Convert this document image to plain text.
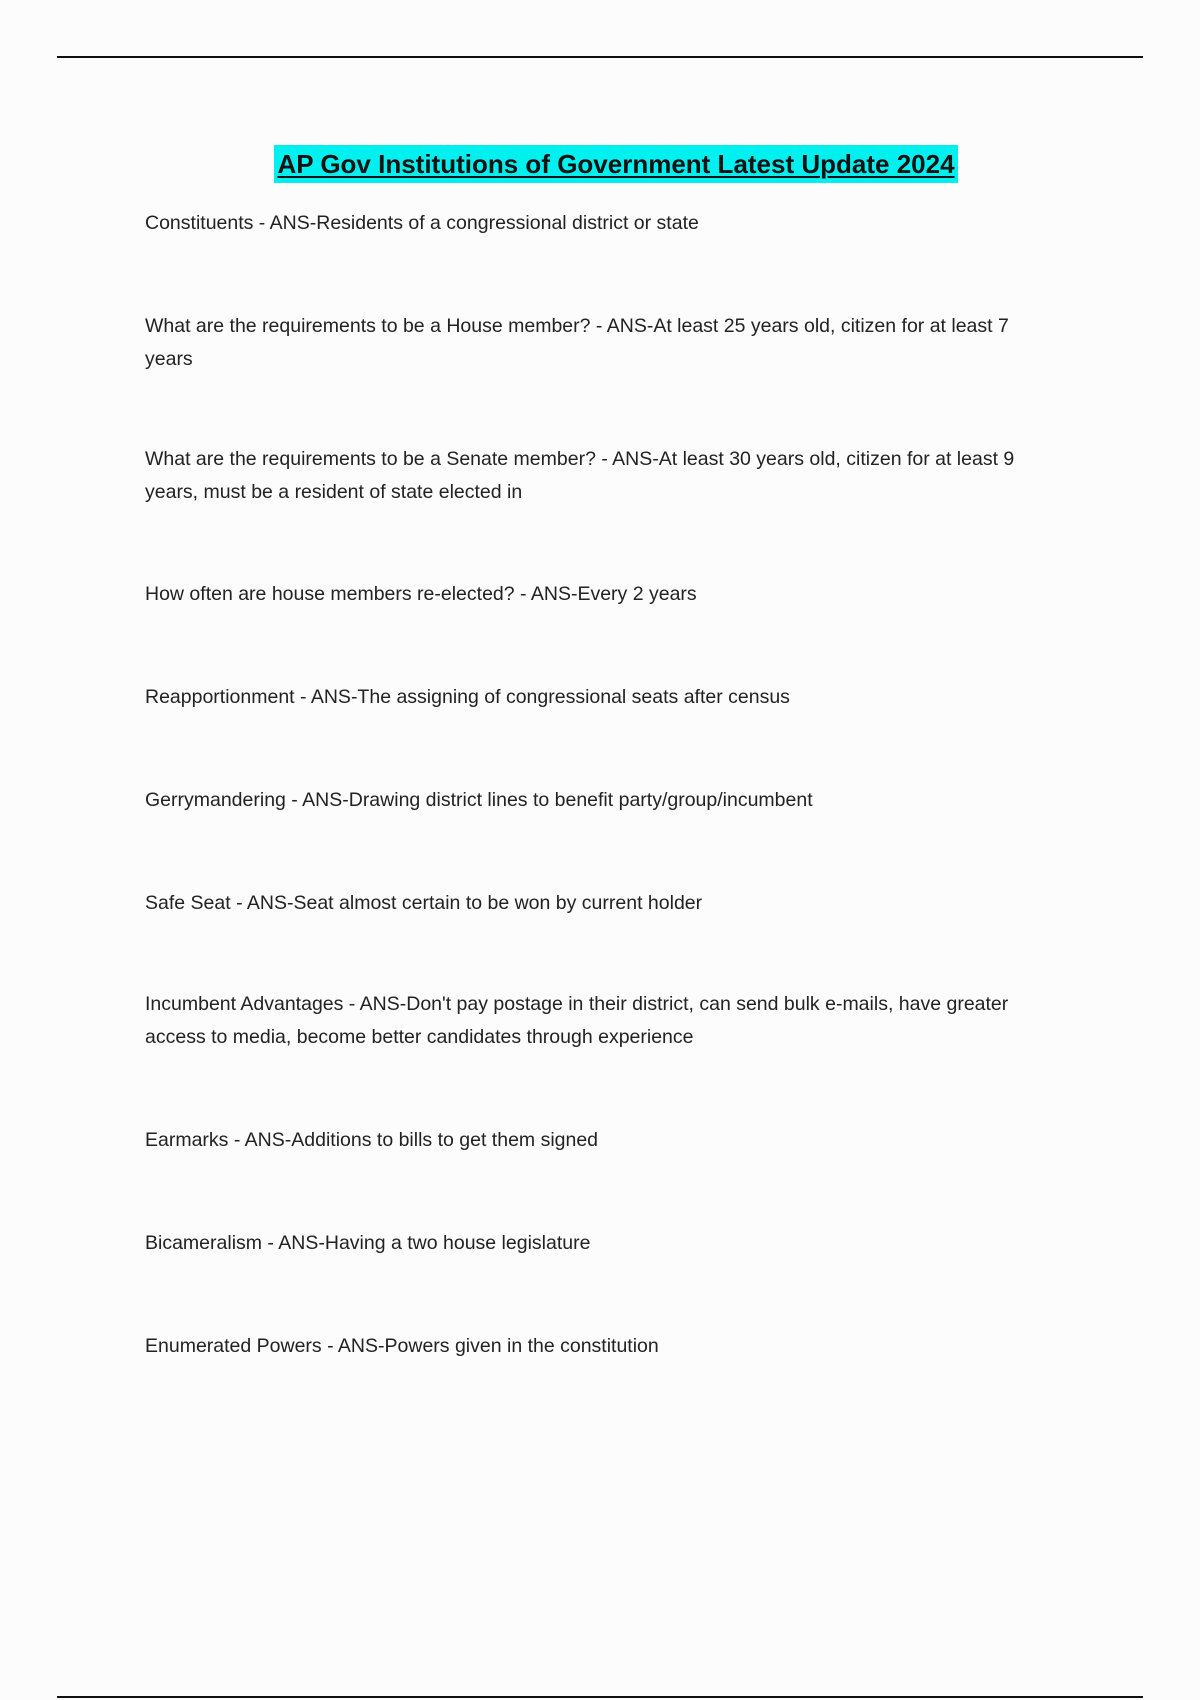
AP Gov Institutions of Government Latest Update 2024
Constituents - ANS-Residents of a congressional district or state
What are the requirements to be a House member? - ANS-At least 25 years old, citizen for at least 7 years
What are the requirements to be a Senate member? - ANS-At least 30 years old, citizen for at least 9 years, must be a resident of state elected in
How often are house members re-elected? - ANS-Every 2 years
Reapportionment - ANS-The assigning of congressional seats after census
Gerrymandering - ANS-Drawing district lines to benefit party/group/incumbent
Safe Seat - ANS-Seat almost certain to be won by current holder
Incumbent Advantages - ANS-Don't pay postage in their district, can send bulk e-mails, have greater access to media, become better candidates through experience
Earmarks - ANS-Additions to bills to get them signed
Bicameralism - ANS-Having a two house legislature
Enumerated Powers - ANS-Powers given in the constitution
